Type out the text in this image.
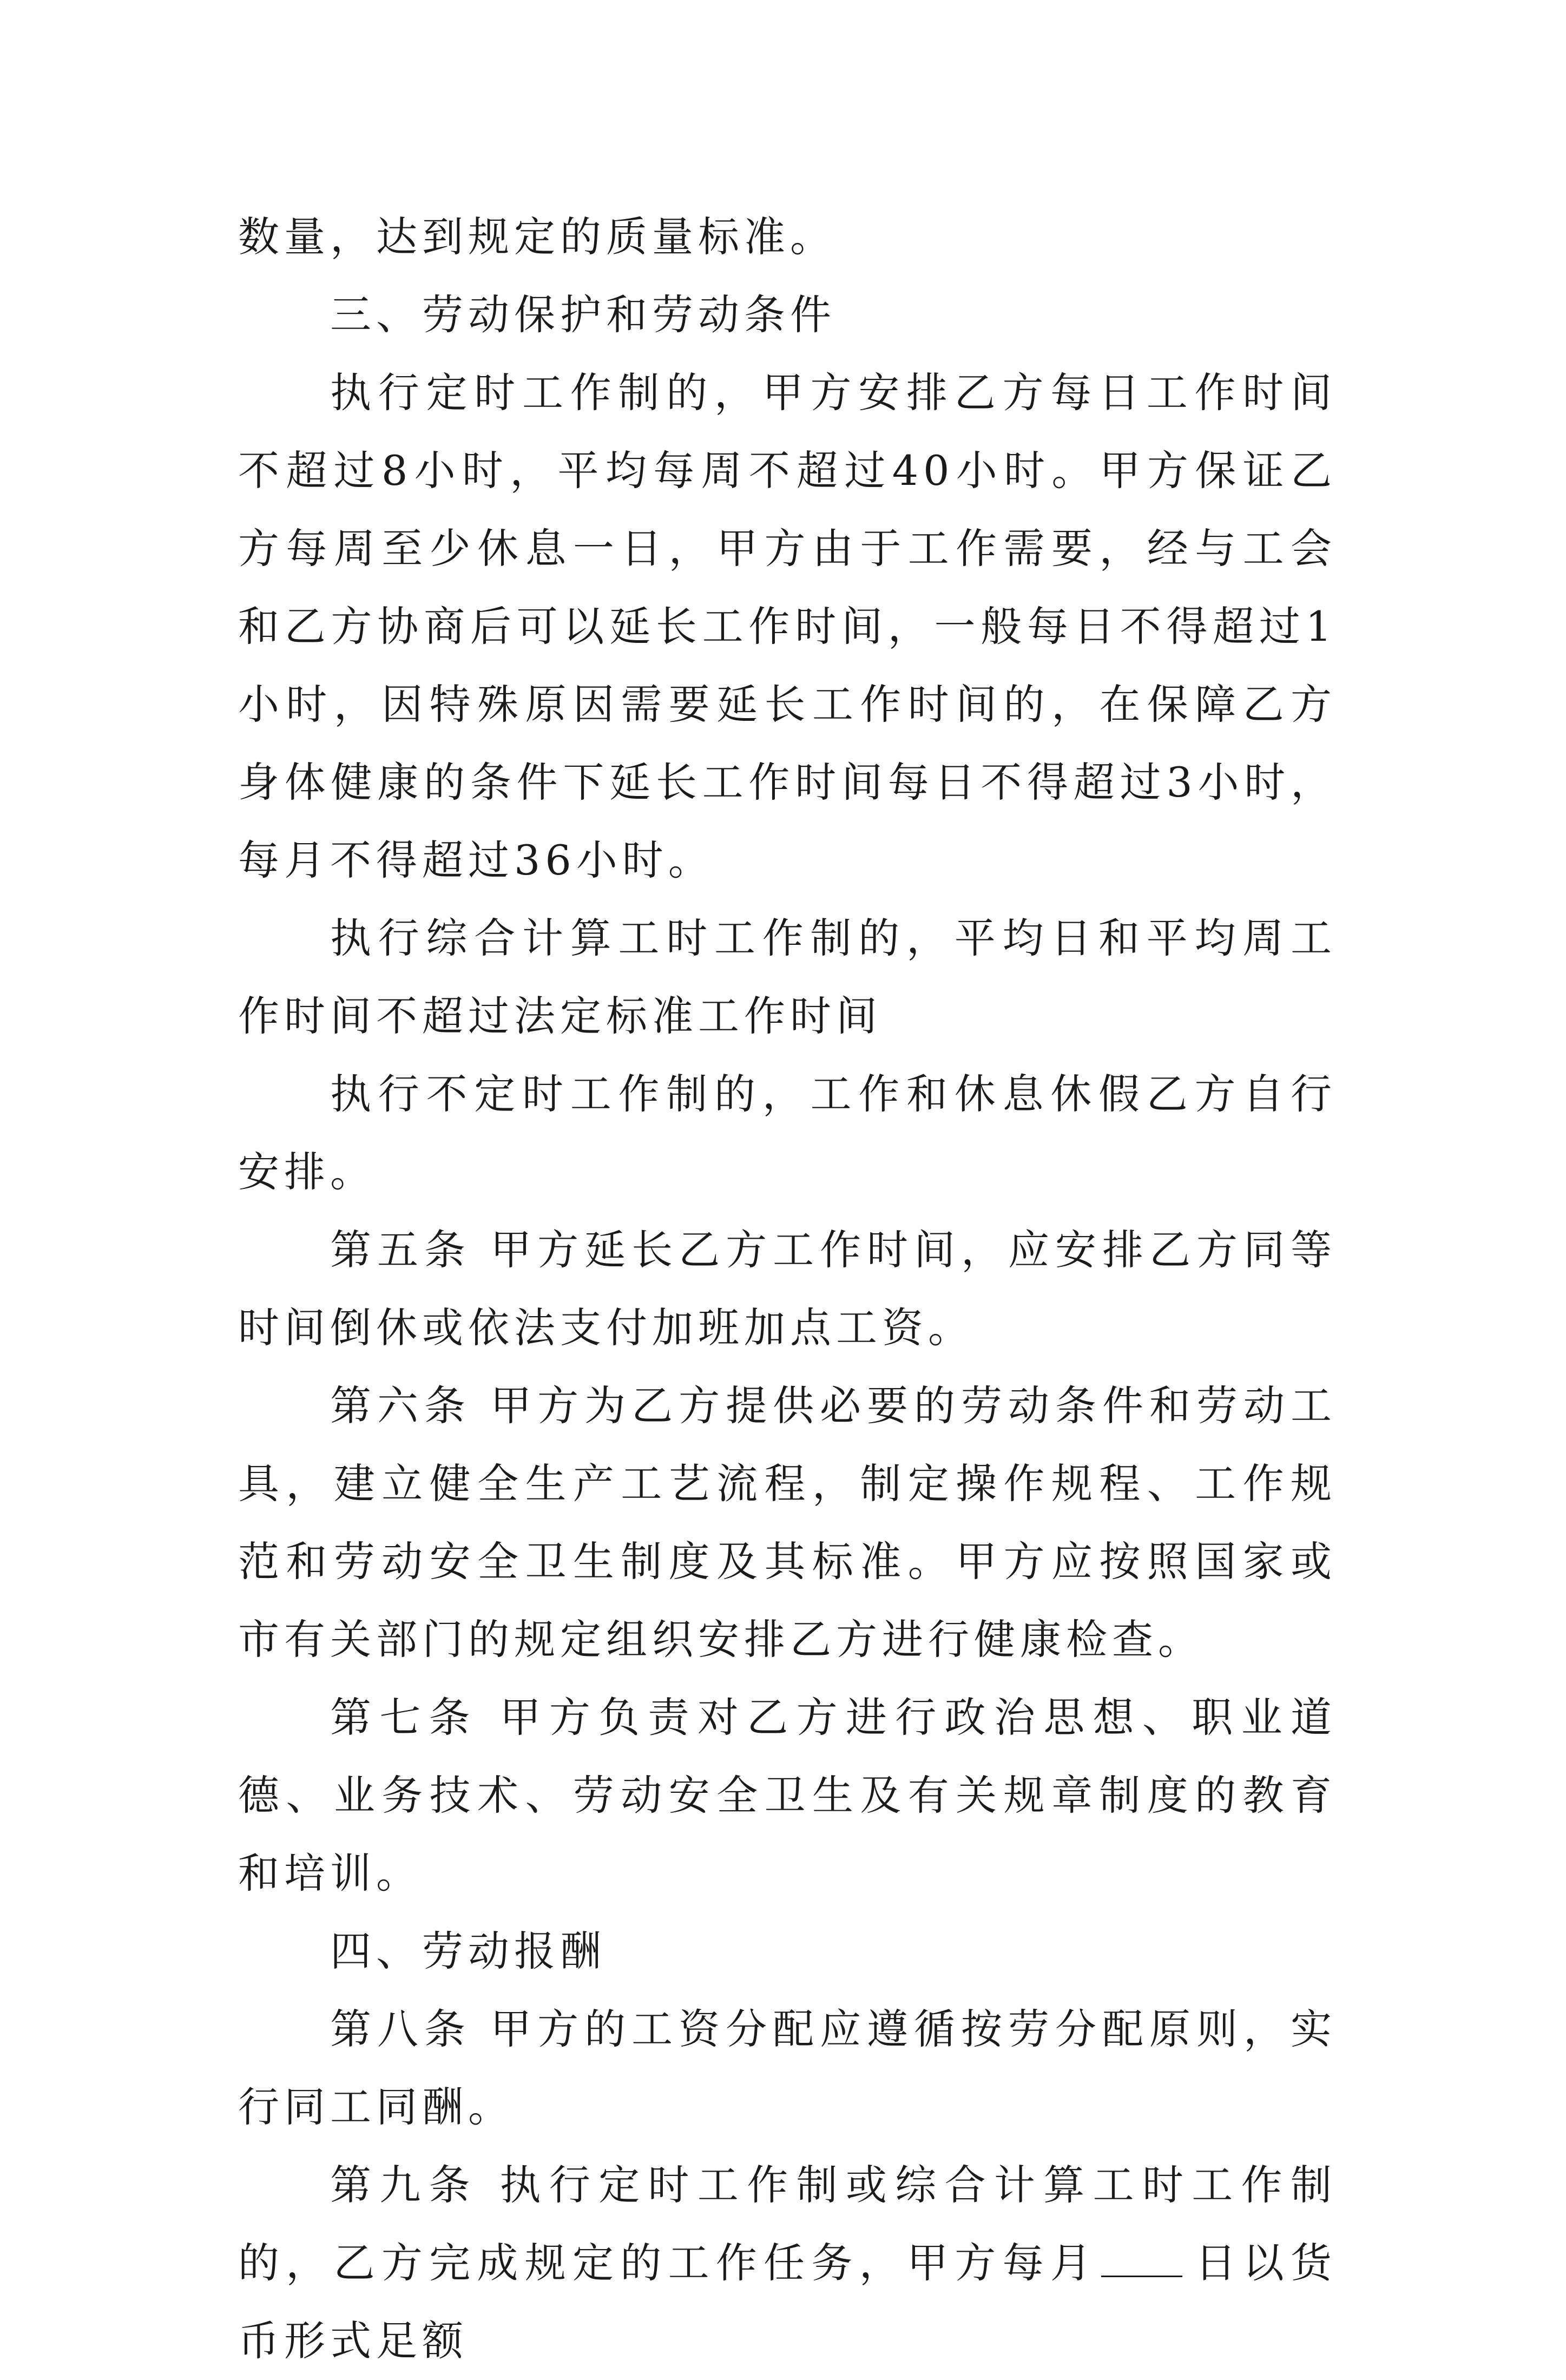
数量，达到规定的质量标准。

三、劳动保护和劳动条件

执行定时工作制的，甲方安排乙方每日工作时间不超过8小时，平均每周不超过40小时。甲方保证乙方每周至少休息一日，甲方由于工作需要，经与工会和乙方协商后可以延长工作时间，一般每日不得超过1小时，因特殊原因需要延长工作时间的，在保障乙方身体健康的条件下延长工作时间每日不得超过3小时，每月不得超过36小时。

执行综合计算工时工作制的，平均日和平均周工作时间不超过法定标准工作时间

执行不定时工作制的，工作和休息休假乙方自行安排。

第五条 甲方延长乙方工作时间，应安排乙方同等时间倒休或依法支付加班加点工资。

第六条 甲方为乙方提供必要的劳动条件和劳动工具，建立健全生产工艺流程，制定操作规程、工作规范和劳动安全卫生制度及其标准。甲方应按照国家或市有关部门的规定组织安排乙方进行健康检查。

第七条 甲方负责对乙方进行政治思想、职业道德、业务技术、劳动安全卫生及有关规章制度的教育和培训。

四、劳动报酬

第八条 甲方的工资分配应遵循按劳分配原则，实行同工同酬。

第九条 执行定时工作制或综合计算工时工作制的，乙方完成规定的工作任务，甲方每月 日以货币形式足额
